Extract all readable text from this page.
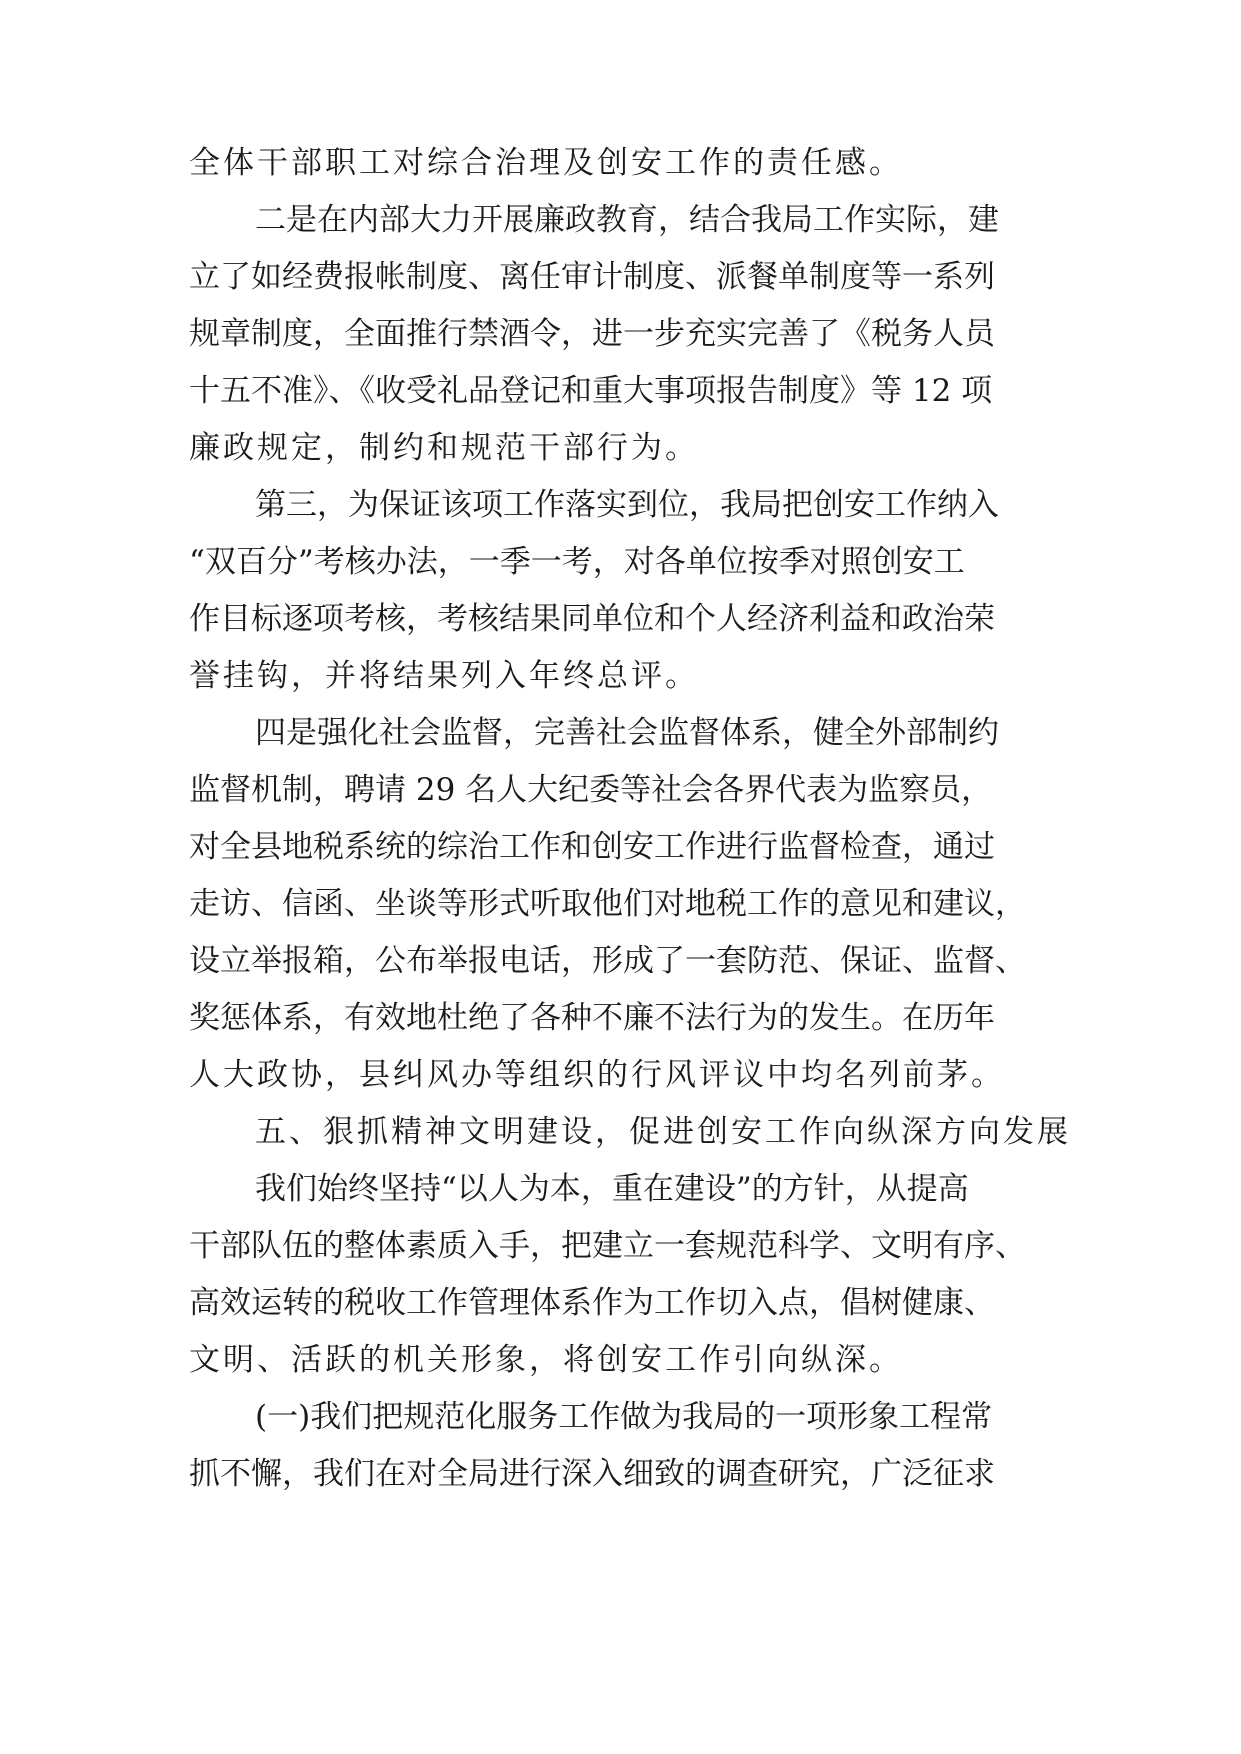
全体干部职工对综合治理及创安工作的责任感。
二是在内部大力开展廉政教育，结合我局工作实际，建
立了如经费报帐制度、离任审计制度、派餐单制度等一系列
规章制度，全面推行禁酒令，进一步充实完善了《税务人员
十五不准》、《收受礼品登记和重大事项报告制度》等 12 项
廉政规定，制约和规范干部行为。
第三，为保证该项工作落实到位，我局把创安工作纳入
“双百分”考核办法，一季一考，对各单位按季对照创安工
作目标逐项考核，考核结果同单位和个人经济利益和政治荣
誉挂钩，并将结果列入年终总评。
四是强化社会监督，完善社会监督体系，健全外部制约
监督机制，聘请 29 名人大纪委等社会各界代表为监察员，
对全县地税系统的综治工作和创安工作进行监督检查，通过
走访、信函、坐谈等形式听取他们对地税工作的意见和建议，
设立举报箱，公布举报电话，形成了一套防范、保证、监督、
奖惩体系，有效地杜绝了各种不廉不法行为的发生。在历年
人大政协，县纠风办等组织的行风评议中均名列前茅。
五、狠抓精神文明建设，促进创安工作向纵深方向发展
我们始终坚持“以人为本，重在建设”的方针，从提高
干部队伍的整体素质入手，把建立一套规范科学、文明有序、
高效运转的税收工作管理体系作为工作切入点，倡树健康、
文明、活跃的机关形象，将创安工作引向纵深。
(一)我们把规范化服务工作做为我局的一项形象工程常
抓不懈，我们在对全局进行深入细致的调查研究，广泛征求
